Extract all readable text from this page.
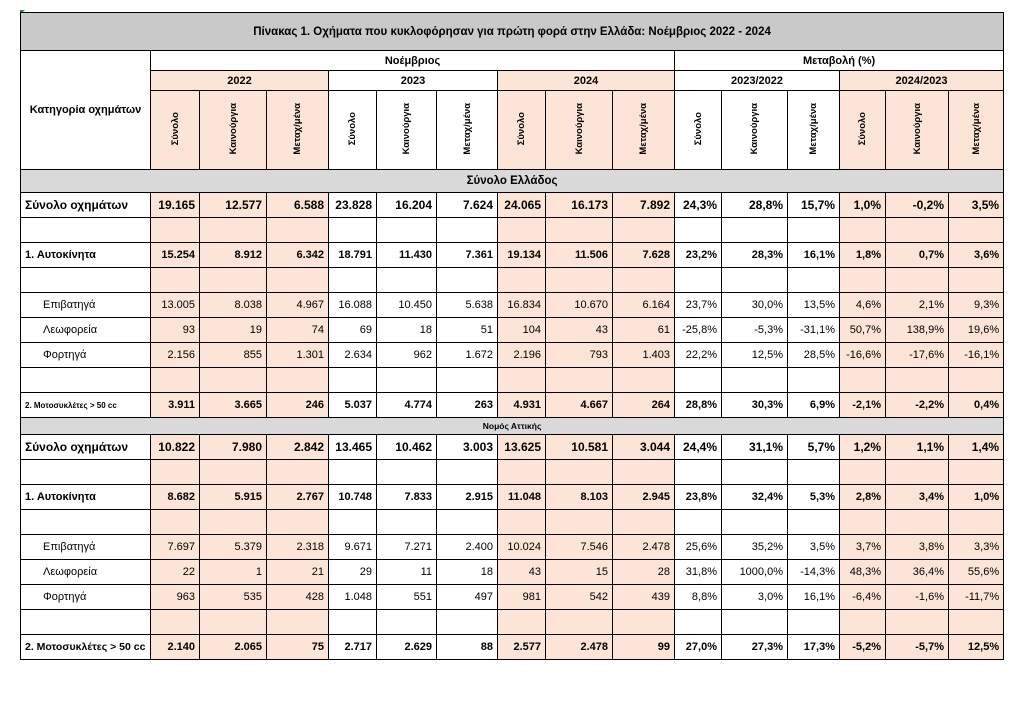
Πίνακας 1. Οχήματα που κυκλοφόρησαν για πρώτη φορά στην Ελλάδα: Νοέμβριος 2022 - 2024															
Κατηγορία οχημάτων	Νοέμβριος									Μεταβολή (%)					
	2022			2023			2024			2023/2022			2024/2023		
	Σύνολο	Καινούργια	Μεταχ/μένα	Σύνολο	Καινούργια	Μεταχ/μένα	Σύνολο	Καινούργια	Μεταχ/μένα	Σύνολο	Καινούργια	Μεταχ/μένα	Σύνολο	Καινούργια	Μεταχ/μένα
Σύνολο Ελλάδος															
Σύνολο οχημάτων	19.165	12.577	6.588	23.828	16.204	7.624	24.065	16.173	7.892	24,3%	28,8%	15,7%	1,0%	-0,2%	3,5%

1. Αυτοκίνητα	15.254	8.912	6.342	18.791	11.430	7.361	19.134	11.506	7.628	23,2%	28,3%	16,1%	1,8%	0,7%	3,6%

Επιβατηγά	13.005	8.038	4.967	16.088	10.450	5.638	16.834	10.670	6.164	23,7%	30,0%	13,5%	4,6%	2,1%	9,3%
Λεωφορεία	93	19	74	69	18	51	104	43	61	-25,8%	-5,3%	-31,1%	50,7%	138,9%	19,6%
Φορτηγά	2.156	855	1.301	2.634	962	1.672	2.196	793	1.403	22,2%	12,5%	28,5%	-16,6%	-17,6%	-16,1%

2. Μοτοσυκλέτες > 50 cc	3.911	3.665	246	5.037	4.774	263	4.931	4.667	264	28,8%	30,3%	6,9%	-2,1%	-2,2%	0,4%
Νομός Αττικής															
Σύνολο οχημάτων	10.822	7.980	2.842	13.465	10.462	3.003	13.625	10.581	3.044	24,4%	31,1%	5,7%	1,2%	1,1%	1,4%

1. Αυτοκίνητα	8.682	5.915	2.767	10.748	7.833	2.915	11.048	8.103	2.945	23,8%	32,4%	5,3%	2,8%	3,4%	1,0%

Επιβατηγά	7.697	5.379	2.318	9.671	7.271	2.400	10.024	7.546	2.478	25,6%	35,2%	3,5%	3,7%	3,8%	3,3%
Λεωφορεία	22	1	21	29	11	18	43	15	28	31,8%	1000,0%	-14,3%	48,3%	36,4%	55,6%
Φορτηγά	963	535	428	1.048	551	497	981	542	439	8,8%	3,0%	16,1%	-6,4%	-1,6%	-11,7%

2. Μοτοσυκλέτες > 50 cc	2.140	2.065	75	2.717	2.629	88	2.577	2.478	99	27,0%	27,3%	17,3%	-5,2%	-5,7%	12,5%
